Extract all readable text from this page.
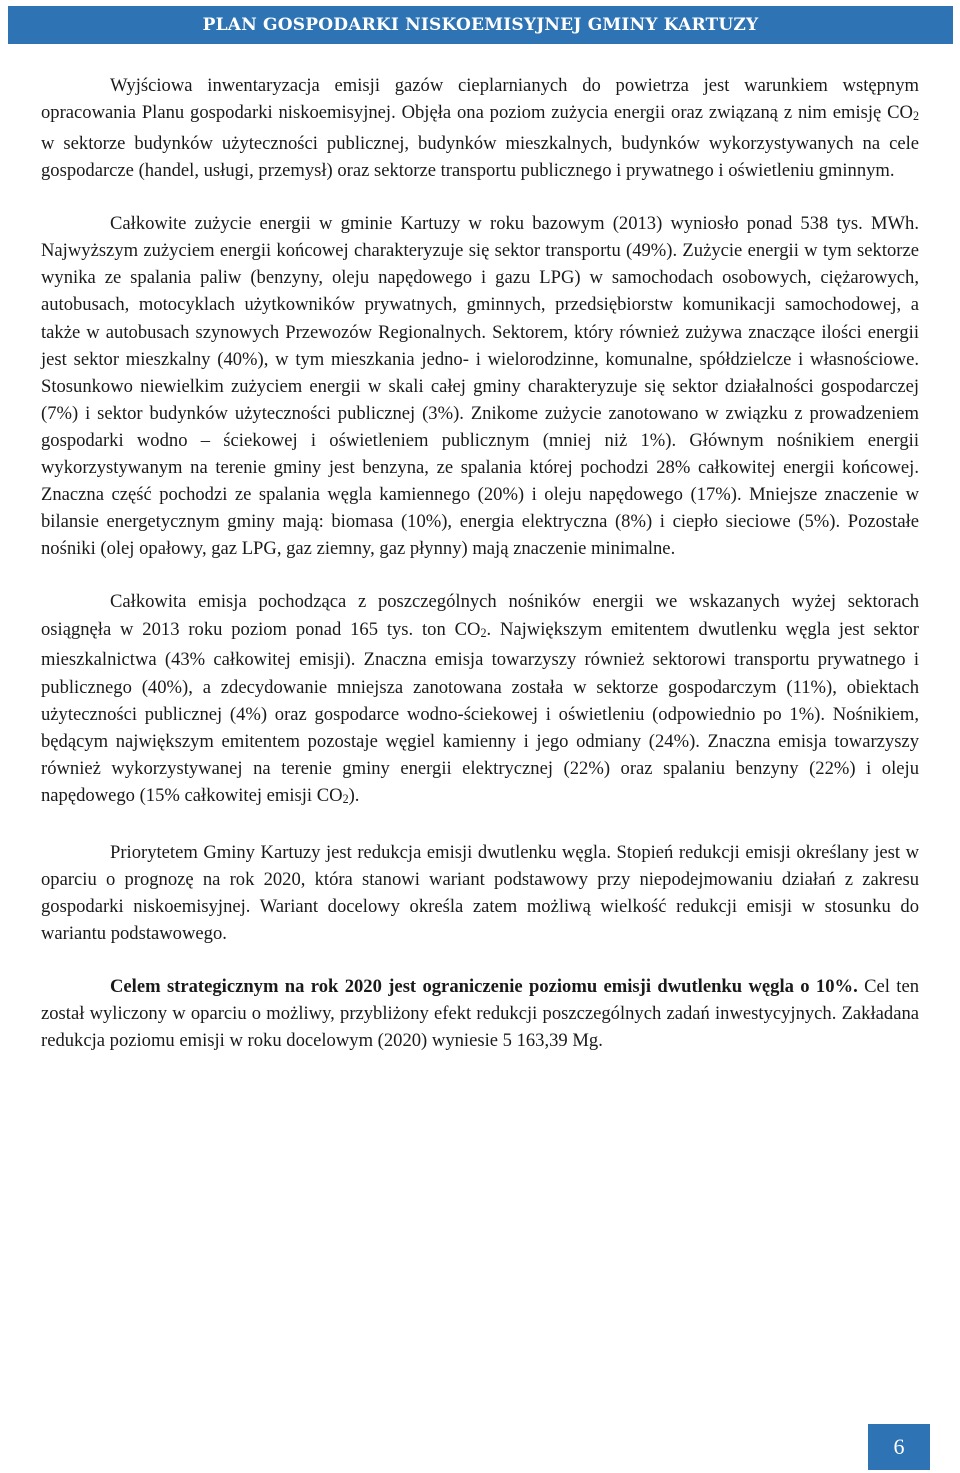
PLAN GOSPODARKI NISKOEMISYJNEJ GMINY KARTUZY

Wyjściowa inwentaryzacja emisji gazów cieplarnianych do powietrza jest warunkiem wstępnym opracowania Planu gospodarki niskoemisyjnej. Objęła ona poziom zużycia energii oraz związaną z nim emisję $CO_2$ w sektorze budynków użyteczności publicznej, budynków mieszkalnych, budynków wykorzystywanych na cele gospodarcze (handel, usługi, przemysł) oraz sektorze transportu publicznego i prywatnego i oświetleniu gminnym.

Całkowite zużycie energii w gminie Kartuzy w roku bazowym (2013) wyniosło ponad 538 tys. MWh. Najwyższym zużyciem energii końcowej charakteryzuje się sektor transportu (49%). Zużycie energii w tym sektorze wynika ze spalania paliw (benzyny, oleju napędowego i gazu LPG) w samochodach osobowych, ciężarowych, autobusach, motocyklach użytkowników prywatnych, gminnych, przedsiębiorstw komunikacji samochodowej, a także w autobusach szynowych Przewozów Regionalnych. Sektorem, który również zużywa znaczące ilości energii jest sektor mieszkalny (40%), w tym mieszkania jedno- i wielorodzinne, komunalne, spółdzielcze i własnościowe. Stosunkowo niewielkim zużyciem energii w skali całej gminy charakteryzuje się sektor działalności gospodarczej (7%) i sektor budynków użyteczności publicznej (3%). Znikome zużycie zanotowano w związku z prowadzeniem gospodarki wodno – ściekowej i oświetleniem publicznym (mniej niż 1%). Głównym nośnikiem energii wykorzystywanym na terenie gminy jest benzyna, ze spalania której pochodzi 28% całkowitej energii końcowej. Znaczna część pochodzi ze spalania węgla kamiennego (20%) i oleju napędowego (17%). Mniejsze znaczenie w bilansie energetycznym gminy mają: biomasa (10%), energia elektryczna (8%) i ciepło sieciowe (5%). Pozostałe nośniki (olej opałowy, gaz LPG, gaz ziemny, gaz płynny) mają znaczenie minimalne.

Całkowita emisja pochodząca z poszczególnych nośników energii we wskazanych wyżej sektorach osiągnęła w 2013 roku poziom ponad 165 tys. ton $CO_2$. Największym emitentem dwutlenku węgla jest sektor mieszkalnictwa (43% całkowitej emisji). Znaczna emisja towarzyszy również sektorowi transportu prywatnego i publicznego (40%), a zdecydowanie mniejsza zanotowana została w sektorze gospodarczym (11%), obiektach użyteczności publicznej (4%) oraz gospodarce wodno-ściekowej i oświetleniu (odpowiednio po 1%). Nośnikiem, będącym największym emitentem pozostaje węgiel kamienny i jego odmiany (24%). Znaczna emisja towarzyszy również wykorzystywanej na terenie gminy energii elektrycznej (22%) oraz spalaniu benzyny (22%) i oleju napędowego (15% całkowitej emisji $CO_2$).

Priorytetem Gminy Kartuzy jest redukcja emisji dwutlenku węgla. Stopień redukcji emisji określany jest w oparciu o prognozę na rok 2020, która stanowi wariant podstawowy przy niepodejmowaniu działań z zakresu gospodarki niskoemisyjnej. Wariant docelowy określa zatem możliwą wielkość redukcji emisji w stosunku do wariantu podstawowego.

Celem strategicznym na rok 2020 jest ograniczenie poziomu emisji dwutlenku węgla o 10%. Cel ten został wyliczony w oparciu o możliwy, przybliżony efekt redukcji poszczególnych zadań inwestycyjnych. Zakładana redukcja poziomu emisji w roku docelowym (2020) wyniesie 5 163,39 Mg.

6
